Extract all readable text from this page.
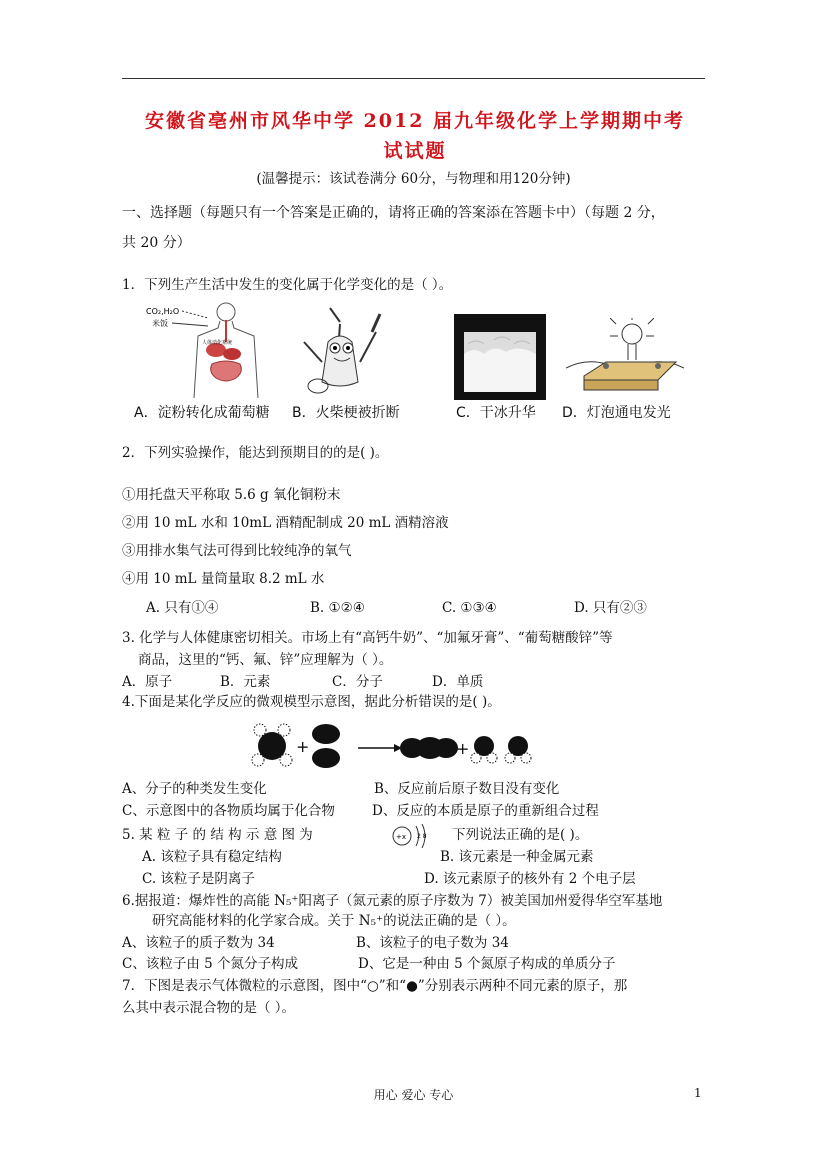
安徽省亳州市风华中学 2012 届九年级化学上学期期中考
试试题
(温馨提示：该试卷满分 60分，与物理和用120分钟)
一、选择题（每题只有一个答案是正确的，请将正确的答案添在答题卡中）（每题 2 分，
共 20 分）
1．下列生产生活中发生的变化属于化学变化的是（ ）。
CO₂,H₂O
米饭
人体消化系统
A．淀粉转化成葡萄糖 B．火柴梗被折断	C．干冰升华 D．灯泡通电发光
2．下列实验操作，能达到预期目的的是( )。
①用托盘天平称取 5.6 g 氧化铜粉末
②用 10 mL 水和 10mL 酒精配制成 20 mL 酒精溶液
③用排水集气法可得到比较纯净的氧气
④用 10 mL 量筒量取 8.2 mL 水
A. 只有①④	B. ①②④	C. ①③④	D. 只有②③
3. 化学与人体健康密切相关。市场上有“高钙牛奶”、“加氟牙膏”、“葡萄糖酸锌”等
商品，这里的“钙、氟、锌”应理解为（ ）。
A．原子	B．元素	C．分子	D．单质
4.下面是某化学反应的微观模型示意图，据此分析错误的是( )。
+	+
A、分子的种类发生变化	B、反应前后原子数目没有变化
C、示意图中的各物质均属于化合物	D、反应的本质是原子的重新组合过程
5. 某 粒 子 的 结 构 示 意 图 为	+x 2 8 下列说法正确的是( )。
A. 该粒子具有稳定结构	B. 该元素是一种金属元素
C. 该粒子是阴离子	D. 该元素原子的核外有 2 个电子层
6.据报道：爆炸性的高能 N₅⁺阳离子（氮元素的原子序数为 7）被美国加州爱得华空军基地
研究高能材料的化学家合成。关于 N₅⁺的说法正确的是（ ）。
A、该粒子的质子数为 34	B、该粒子的电子数为 34
C、该粒子由 5 个氮分子构成	D、它是一种由 5 个氮原子构成的单质分子
7．下图是表示气体微粒的示意图，图中“○”和“●”分别表示两种不同元素的原子，那
么其中表示混合物的是（ ）。
用心 爱心 专心	1
